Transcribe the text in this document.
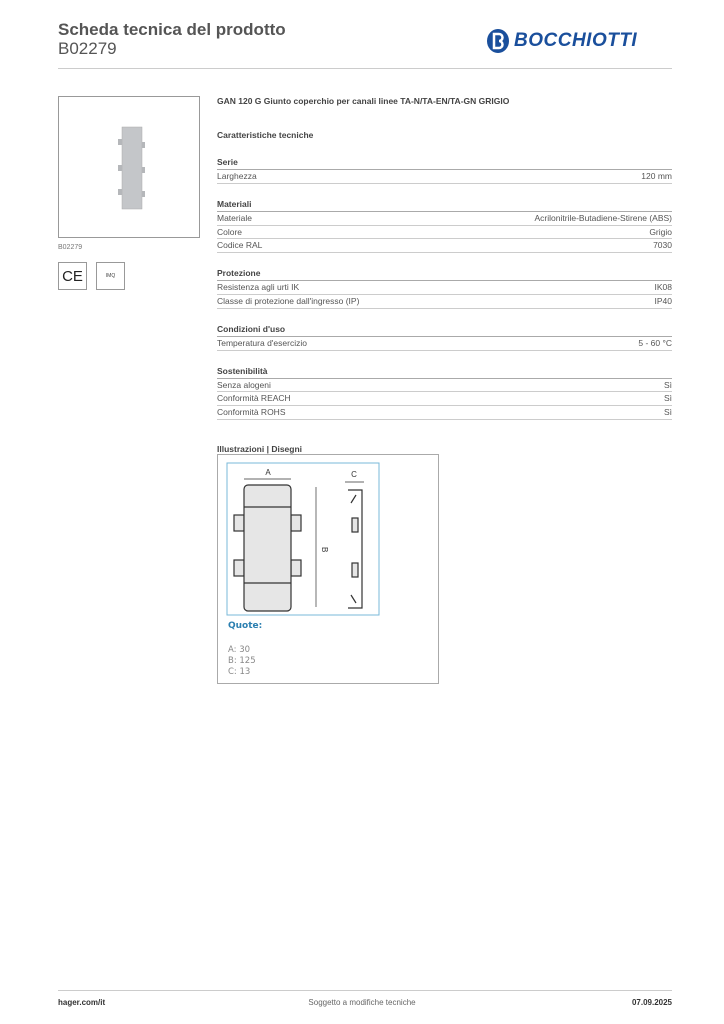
Scheda tecnica del prodotto
B02279	BOCCHIOTTI
B02279
CE	IMQ
GAN 120 G Giunto coperchio per canali linee TA-N/TA-EN/TA-GN GRIGIO
Caratteristiche tecniche
Serie
Larghezza	120 mm
Materiali
Materiale	Acrilonitrile-Butadiene-Stirene (ABS)
Colore	Grigio
Codice RAL	7030
Protezione
Resistenza agli urti IK	IK08
Classe di protezione dall'ingresso (IP)	IP40
Condizioni d'uso
Temperatura d'esercizio	5 - 60 °C
Sostenibilità
Senza alogeni	Sì
Conformità REACH	Sì
Conformità ROHS	Sì
Illustrazioni | Disegni
A
B
C
Quote:
A: 30
B: 125
C: 13
hager.com/it	Soggetto a modifiche tecniche	07.09.2025
